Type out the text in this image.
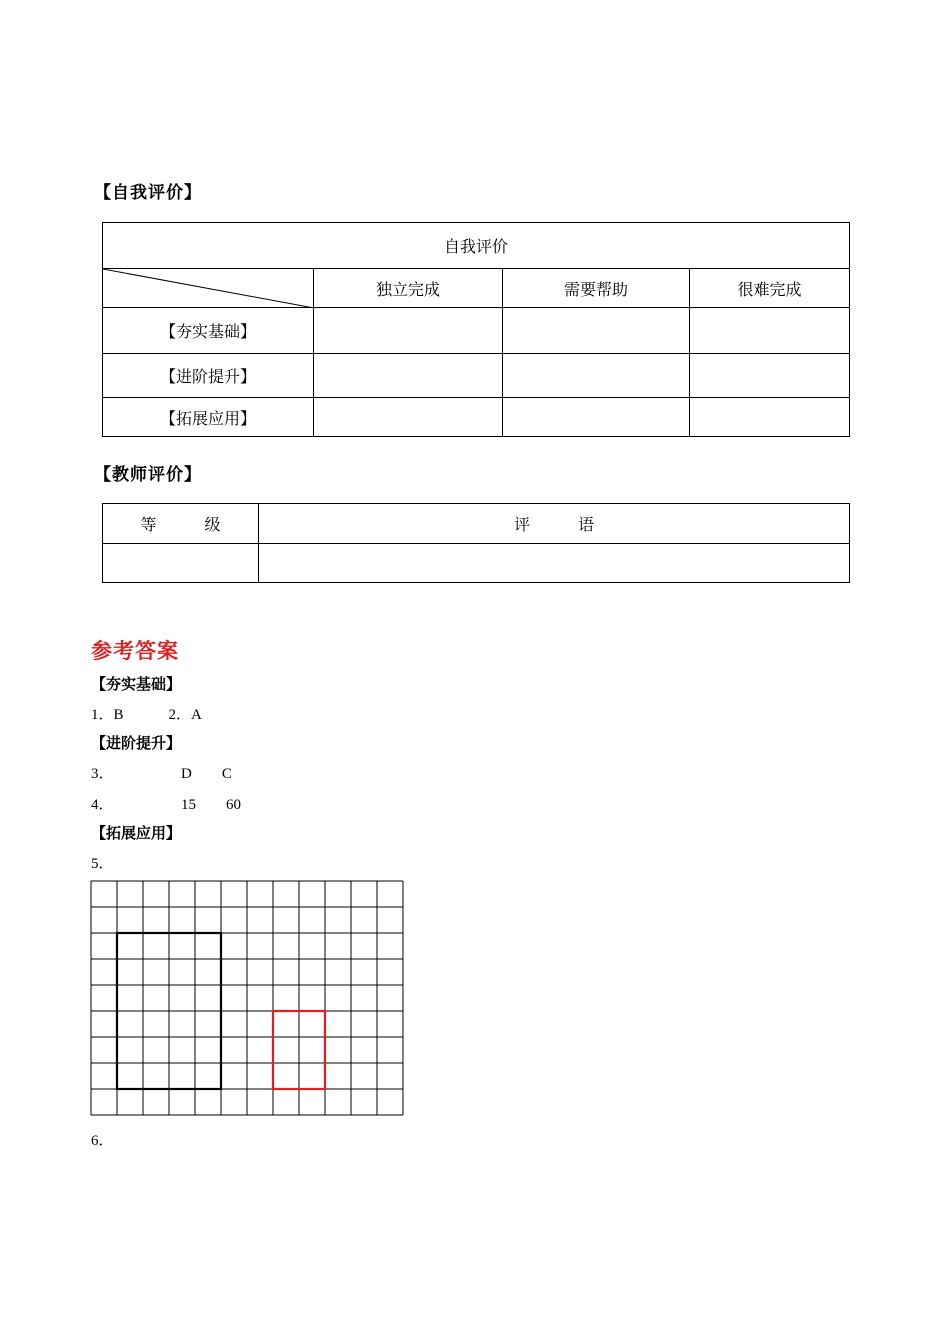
【自我评价】
自我评价			

	独立完成	需要帮助	很难完成
【夯实基础】			
【进阶提升】			
【拓展应用】			
【教师评价】
等　　　级	评　　　语

参考答案
【夯实基础】
1．B　　　2．A
【进阶提升】
3．　　　　　D　　C
4．　　　　　15　　60
【拓展应用】
5．
6．
